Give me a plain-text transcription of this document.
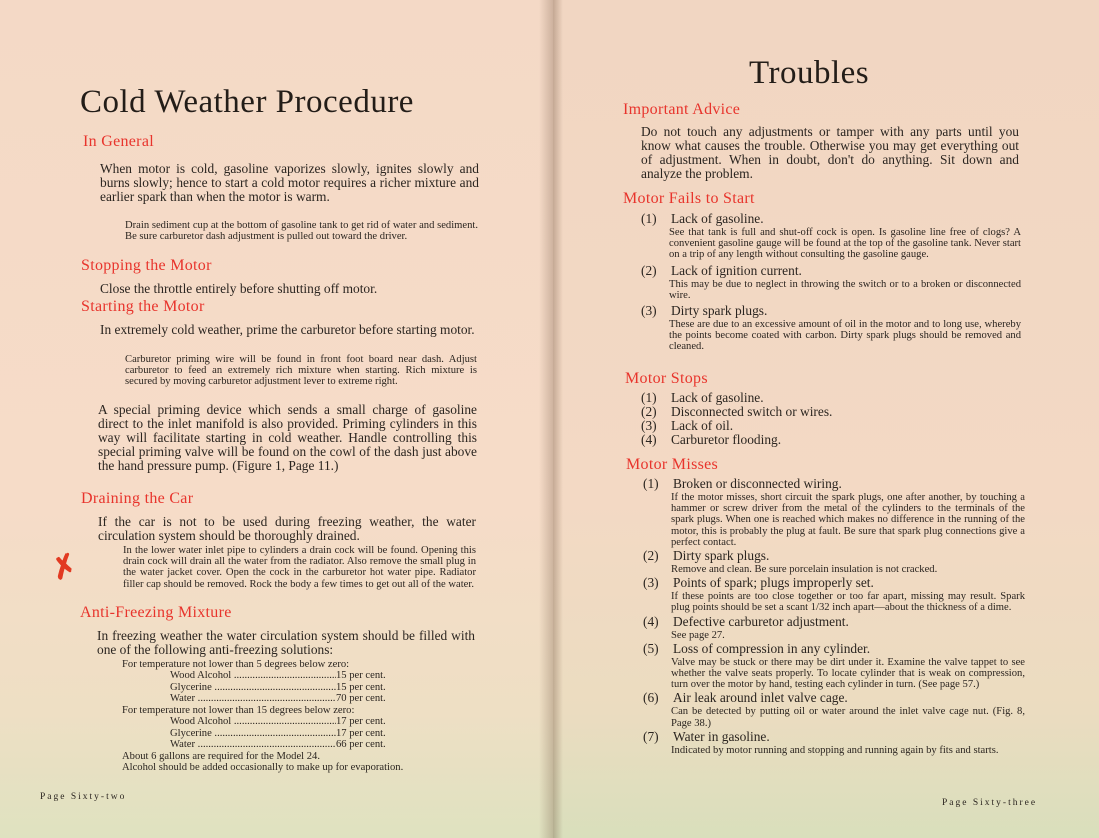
Cold Weather Procedure
In General
When motor is cold, gasoline vaporizes slowly, ignites slowly and burns slowly; hence to start a cold motor requires a richer mixture and earlier spark than when the motor is warm.
Drain sediment cup at the bottom of gasoline tank to get rid of water and sediment. Be sure carburetor dash adjustment is pulled out toward the driver.
Stopping the Motor
Close the throttle entirely before shutting off motor.
Starting the Motor
In extremely cold weather, prime the carburetor before starting motor.
Carburetor priming wire will be found in front foot board near dash. Adjust carburetor to feed an extremely rich mixture when starting. Rich mixture is secured by moving carburetor adjustment lever to extreme right.
A special priming device which sends a small charge of gasoline direct to the inlet manifold is also provided. Priming cylinders in this way will facilitate starting in cold weather. Handle controlling this special priming valve will be found on the cowl of the dash just above the hand pressure pump. (Figure 1, Page 11.)
Draining the Car
If the car is not to be used during freezing weather, the water circulation system should be thoroughly drained.
In the lower water inlet pipe to cylinders a drain cock will be found. Opening this drain cock will drain all the water from the radiator. Also remove the small plug in the water jacket cover. Open the cock in the carburetor hot water pipe. Radiator filler cap should be removed. Rock the body a few times to get out all of the water.
✗
Anti-Freezing Mixture
In freezing weather the water circulation system should be filled with one of the following anti-freezing solutions:
For temperature not lower than 5 degrees below zero:
Wood Alcohol .....	15 per cent.
Glycerine .....	15 per cent.
Water .....	70 per cent.
For temperature not lower than 15 degrees below zero:
Wood Alcohol .....	17 per cent.
Glycerine .....	17 per cent.
Water .....	66 per cent.
About 6 gallons are required for the Model 24.
Alcohol should be added occasionally to make up for evaporation.
Page Sixty-two
Troubles
Important Advice
Do not touch any adjustments or tamper with any parts until you know what causes the trouble. Otherwise you may get everything out of adjustment. When in doubt, don't do anything. Sit down and analyze the problem.
Motor Fails to Start
(1)	Lack of gasoline.
See that tank is full and shut-off cock is open. Is gasoline line free of clogs? A convenient gasoline gauge will be found at the top of the gasoline tank. Never start on a trip of any length without consulting the gasoline gauge.
(2)	Lack of ignition current.
This may be due to neglect in throwing the switch or to a broken or disconnected wire.
(3)	Dirty spark plugs.
These are due to an excessive amount of oil in the motor and to long use, whereby the points become coated with carbon. Dirty spark plugs should be removed and cleaned.
Motor Stops
(1)	Lack of gasoline.
(2)	Disconnected switch or wires.
(3)	Lack of oil.
(4)	Carburetor flooding.
Motor Misses
(1)	Broken or disconnected wiring.
If the motor misses, short circuit the spark plugs, one after another, by touching a hammer or screw driver from the metal of the cylinders to the terminals of the spark plugs. When one is reached which makes no difference in the running of the motor, this is probably the plug at fault. Be sure that spark plug connections give a perfect contact.
(2)	Dirty spark plugs.
Remove and clean. Be sure porcelain insulation is not cracked.
(3)	Points of spark; plugs improperly set.
If these points are too close together or too far apart, missing may result. Spark plug points should be set a scant 1/32 inch apart—about the thickness of a dime.
(4)	Defective carburetor adjustment.
See page 27.
(5)	Loss of compression in any cylinder.
Valve may be stuck or there may be dirt under it. Examine the valve tappet to see whether the valve seats properly. To locate cylinder that is weak on compression, turn over the motor by hand, testing each cylinder in turn. (See page 57.)
(6)	Air leak around inlet valve cage.
Can be detected by putting oil or water around the inlet valve cage nut. (Fig. 8, Page 38.)
(7)	Water in gasoline.
Indicated by motor running and stopping and running again by fits and starts.
Page Sixty-three
